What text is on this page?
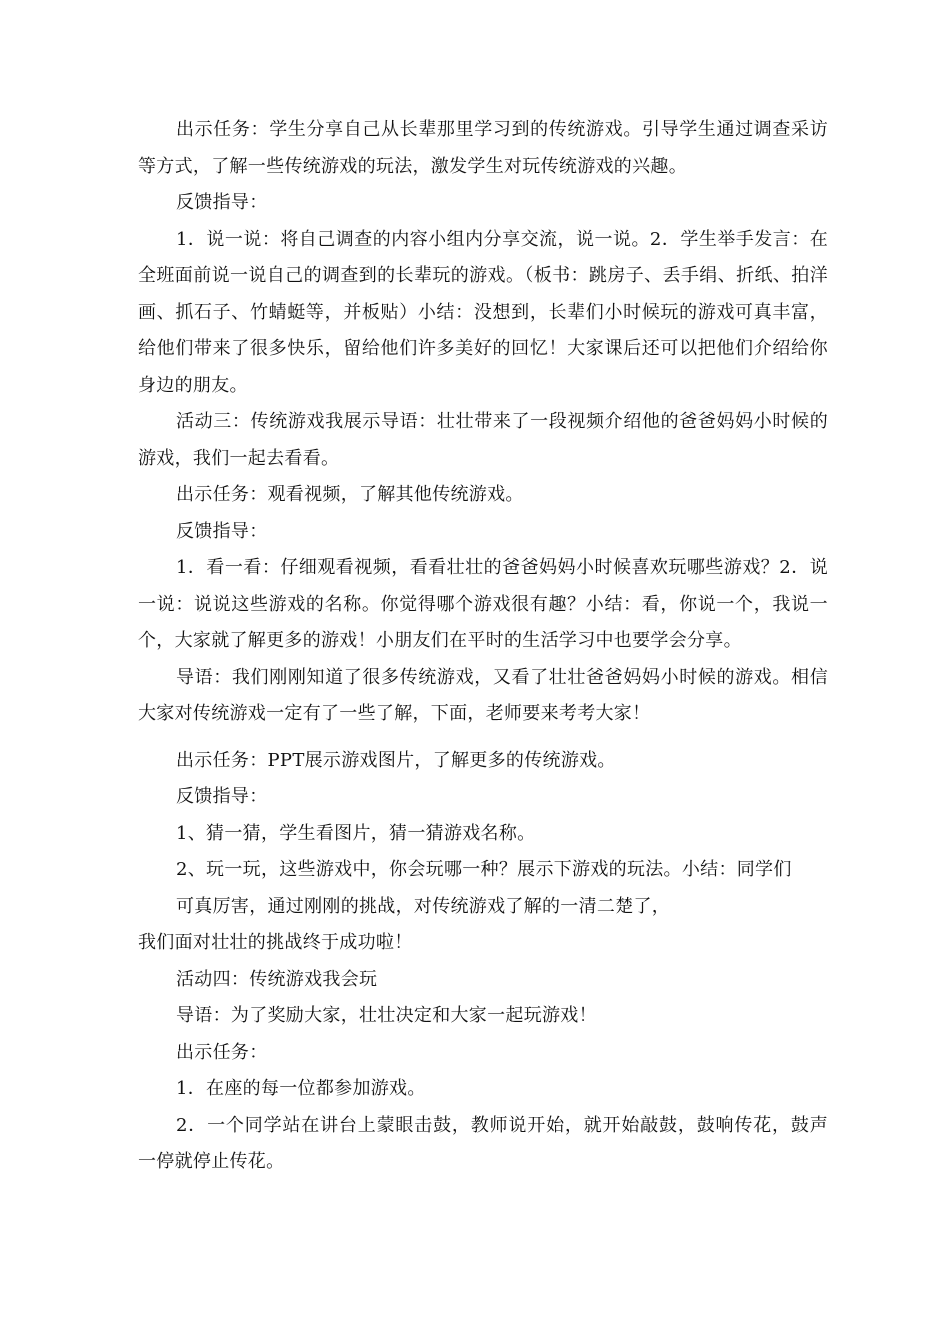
出示任务：学生分享自己从长辈那里学习到的传统游戏。引导学生通过调查采访等方式，了解一些传统游戏的玩法，激发学生对玩传统游戏的兴趣。

反馈指导：

1．说一说：将自己调查的内容小组内分享交流，说一说。2．学生举手发言：在全班面前说一说自己的调查到的长辈玩的游戏。（板书：跳房子、丢手绢、折纸、拍洋画、抓石子、竹蜻蜓等，并板贴）小结：没想到，长辈们小时候玩的游戏可真丰富，给他们带来了很多快乐，留给他们许多美好的回忆！大家课后还可以把他们介绍给你身边的朋友。

活动三：传统游戏我展示导语：壮壮带来了一段视频介绍他的爸爸妈妈小时候的游戏，我们一起去看看。

出示任务：观看视频，了解其他传统游戏。

反馈指导：

1．看一看：仔细观看视频，看看壮壮的爸爸妈妈小时候喜欢玩哪些游戏？2．说一说：说说这些游戏的名称。你觉得哪个游戏很有趣？小结：看，你说一个，我说一个，大家就了解更多的游戏！小朋友们在平时的生活学习中也要学会分享。

导语：我们刚刚知道了很多传统游戏，又看了壮壮爸爸妈妈小时候的游戏。相信大家对传统游戏一定有了一些了解，下面，老师要来考考大家！

出示任务：PPT展示游戏图片，了解更多的传统游戏。

反馈指导：

1、猜一猜，学生看图片，猜一猜游戏名称。

2、玩一玩，这些游戏中，你会玩哪一种？展示下游戏的玩法。小结：同学们

可真厉害，通过刚刚的挑战，对传统游戏了解的一清二楚了，

我们面对壮壮的挑战终于成功啦！

活动四：传统游戏我会玩

导语：为了奖励大家，壮壮决定和大家一起玩游戏！

出示任务：

1．在座的每一位都参加游戏。

2．一个同学站在讲台上蒙眼击鼓，教师说开始，就开始敲鼓，鼓响传花，鼓声一停就停止传花。
